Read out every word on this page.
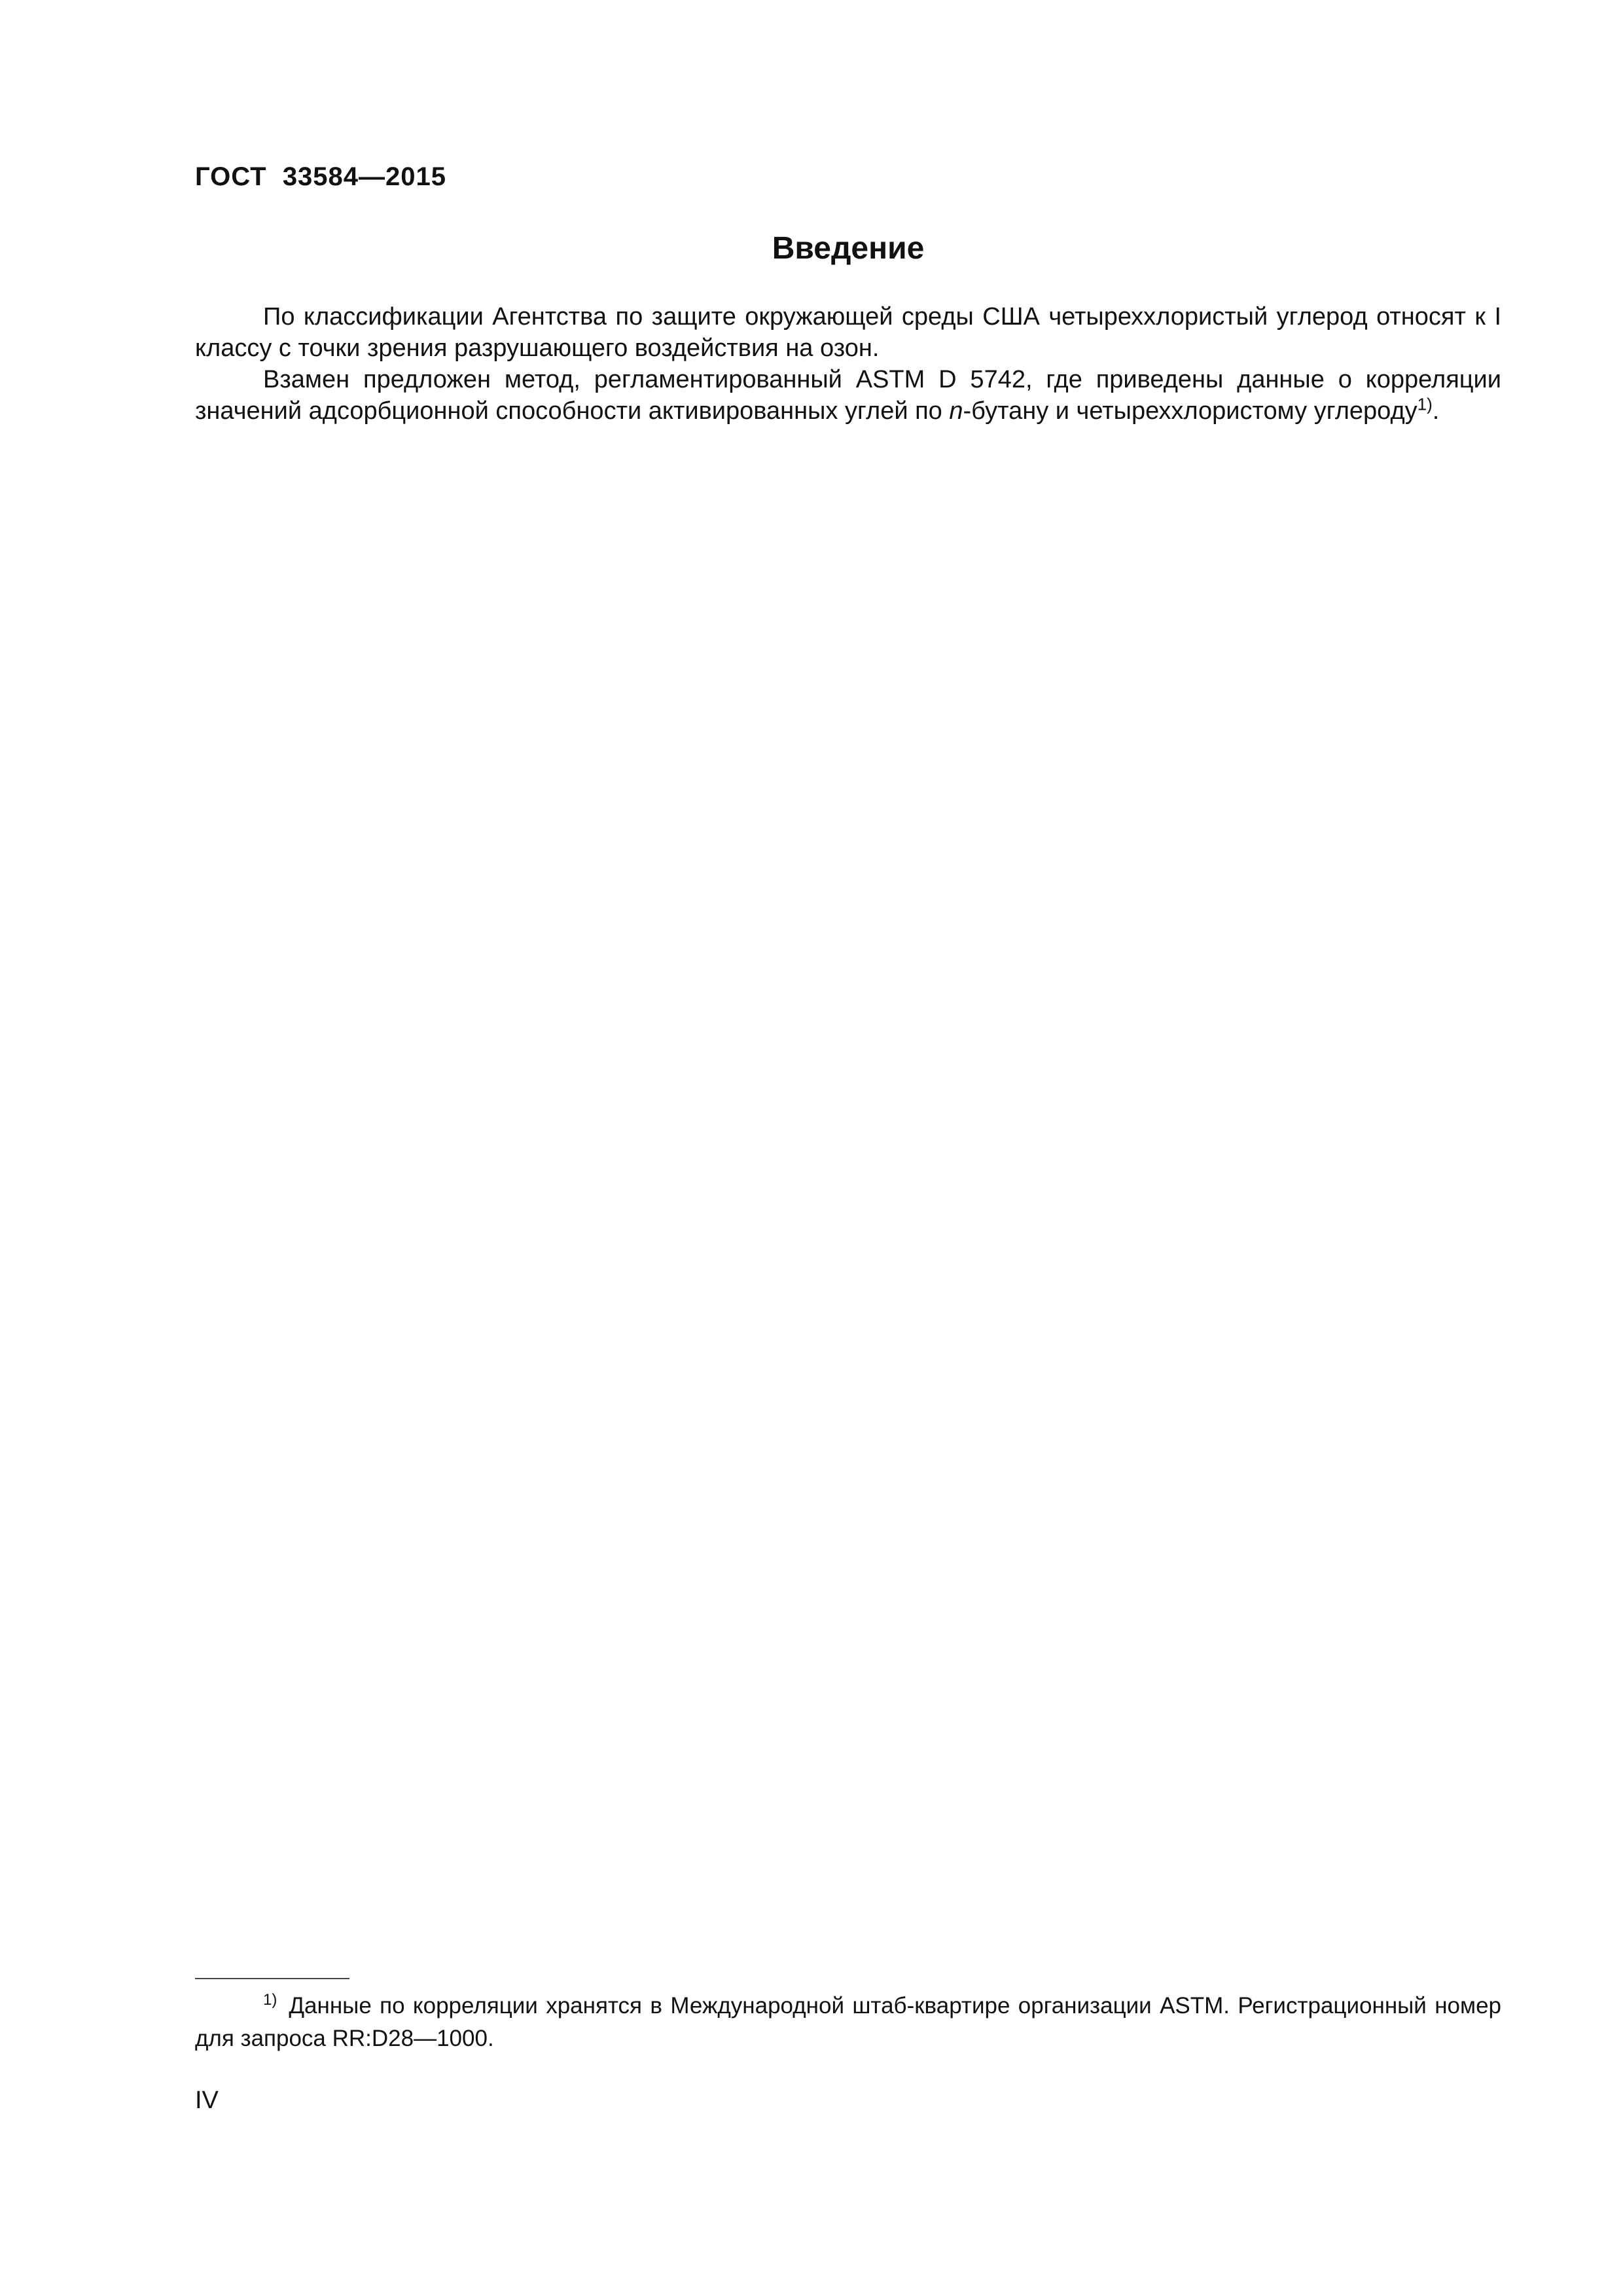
ГОСТ  33584—2015
Введение

По классификации Агентства по защите окружающей среды США четыреххлористый углерод относят к I классу с точки зрения разрушающего воздействия на озон.

Взамен предложен метод, регламентированный ASTM D 5742, где приведены данные о корреляции значений адсорбционной способности активированных углей по n-бутану и четыреххлористому углероду$^{1)}$.

$^{1)}$ Данные по корреляции хранятся в Международной штаб-квартире организации ASTM. Регистрационный номер для запроса RR:D28—1000.

IV
